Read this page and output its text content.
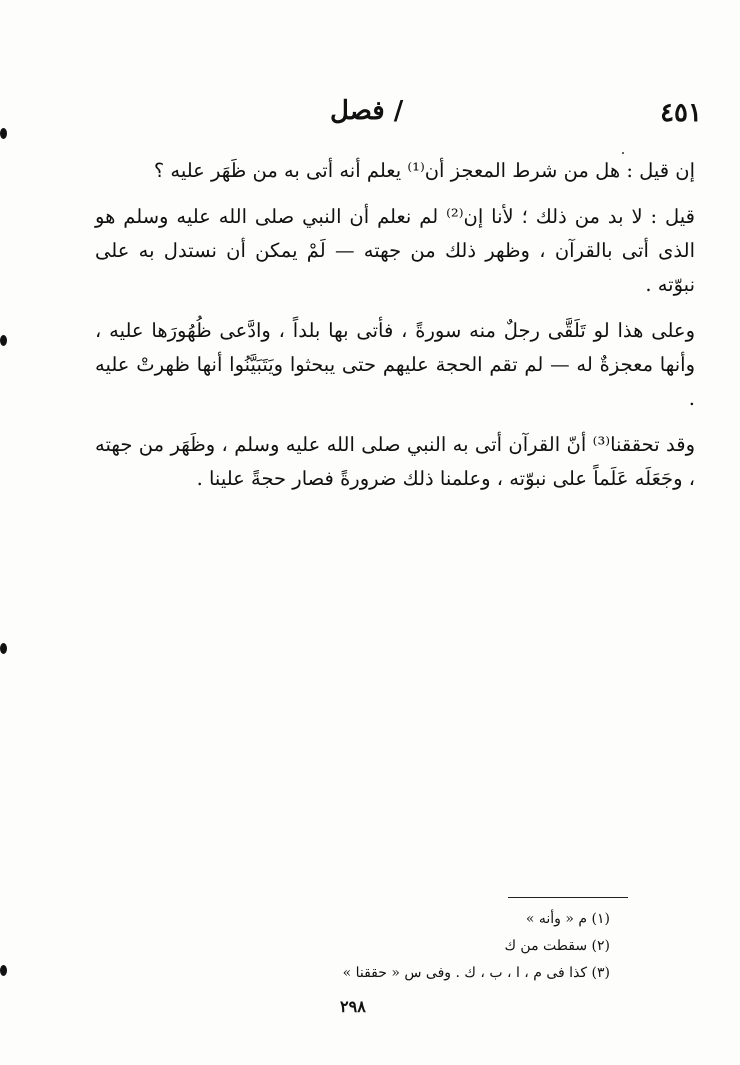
٤٥١
/ فصل

إن قيل : هل من شرط المعجز أن⁽¹⁾ يعلم أنه أتى به من ظَهَر عليه ؟

قيل : لا بد من ذلك ؛ لأنا إن⁽²⁾ لم نعلم أن النبي صلى الله عليه وسلم هو الذى أتى بالقرآن ، وظهر ذلك من جهته — لَمْ يمكن أن نستدل به على نبوّته .

وعلى هذا لو تَلَقَّى رجلٌ منه سورةً ، فأتى بها بلداً ، وادَّعى ظُهُورَها عليه ، وأنها معجزةٌ له — لم تقم الحجة عليهم حتى يبحثوا ويَتَبَيَّنُوا أنها ظهرتْ عليه .

وقد تحققنا⁽³⁾ أنّ القرآن أتى به النبي صلى الله عليه وسلم ، وظَهَر من جهته ، وجَعَلَه عَلَماً على نبوّته ، وعلمنا ذلك ضرورةً فصار حجةً علينا .

(١) م « وأنه »
(٢) سقطت من ك
(٣) كذا فى م ، ا ، ب ، ك . وفى س « حققنا »
٢٩٨
